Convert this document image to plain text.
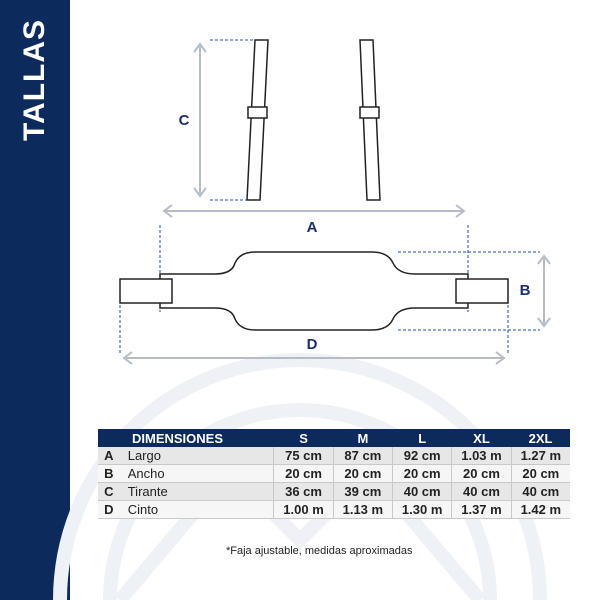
TALLAS	C
A
B
D
DIMENSIONES		S	M	L	XL	2XL
A	Largo	75 cm	87 cm	92 cm	1.03 m	1.27 m
B	Ancho	20 cm	20 cm	20 cm	20 cm	20 cm
C	Tirante	36 cm	39 cm	40 cm	40 cm	40 cm
D	Cinto	1.00 m	1.13 m	1.30 m	1.37 m	1.42 m
*Faja ajustable, medidas aproximadas
